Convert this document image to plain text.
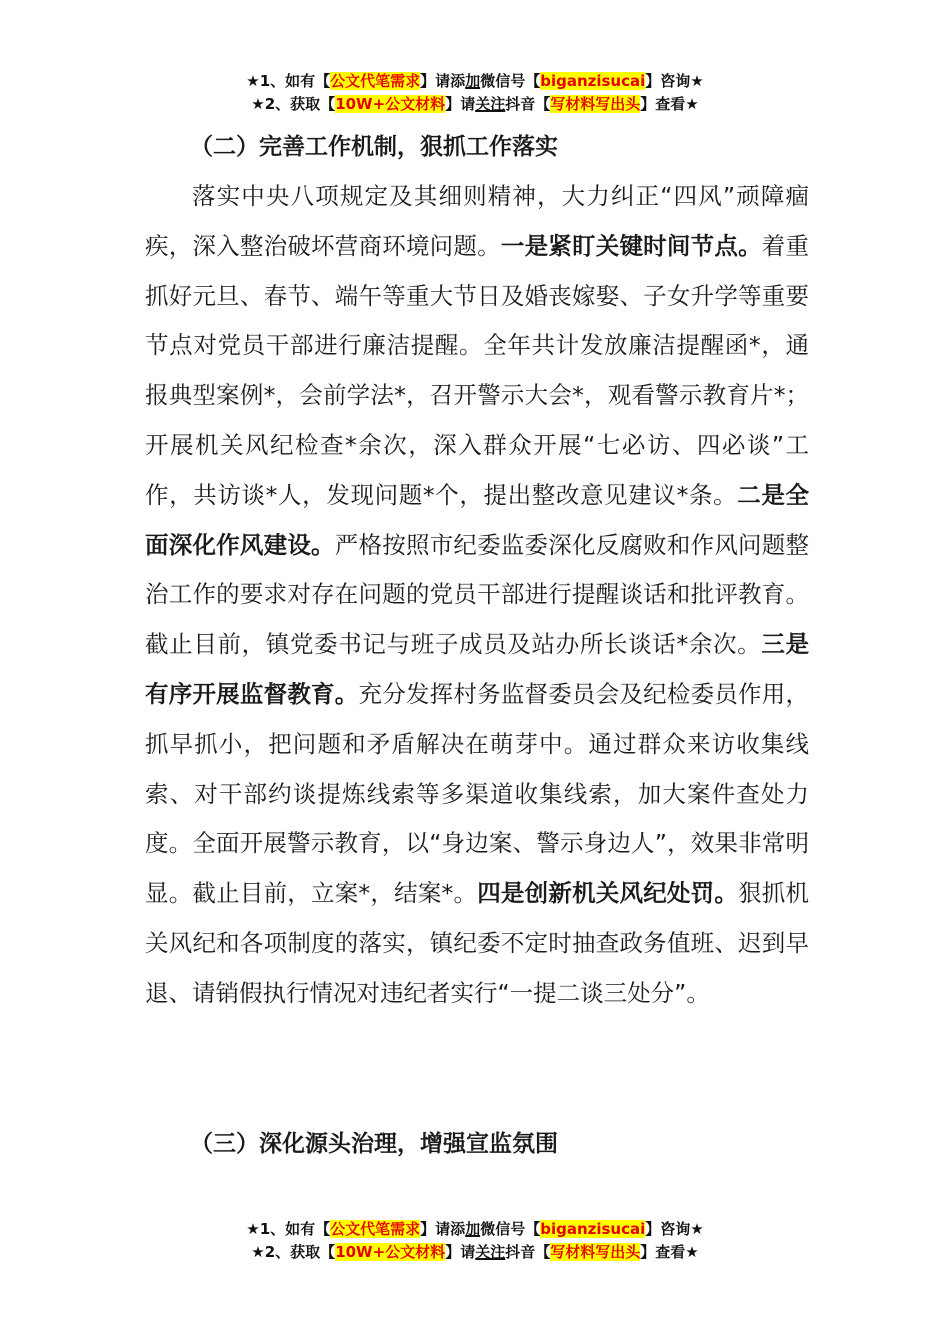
★1、如有【公文代笔需求】请添加微信号【biganzisucai】咨询★
★2、获取【10W+公文材料】请关注抖音【写材料写出头】查看★
（二）完善工作机制，狠抓工作落实

落实中央八项规定及其细则精神，大力纠正“四风”顽障痼疾，深入整治破坏营商环境问题。一是紧盯关键时间节点。着重抓好元旦、春节、端午等重大节日及婚丧嫁娶、子女升学等重要节点对党员干部进行廉洁提醒。全年共计发放廉洁提醒函*，通报典型案例*，会前学法*，召开警示大会*，观看警示教育片*；开展机关风纪检查*余次，深入群众开展“七必访、四必谈”工作，共访谈*人，发现问题*个，提出整改意见建议*条。二是全面深化作风建设。严格按照市纪委监委深化反腐败和作风问题整治工作的要求对存在问题的党员干部进行提醒谈话和批评教育。截止目前，镇党委书记与班子成员及站办所长谈话*余次。三是有序开展监督教育。充分发挥村务监督委员会及纪检委员作用，抓早抓小，把问题和矛盾解决在萌芽中。通过群众来访收集线索、对干部约谈提炼线索等多渠道收集线索，加大案件查处力度。全面开展警示教育，以“身边案、警示身边人”，效果非常明显。截止目前，立案*，结案*。四是创新机关风纪处罚。狠抓机关风纪和各项制度的落实，镇纪委不定时抽查政务值班、迟到早退、请销假执行情况对违纪者实行“一提二谈三处分”。

（三）深化源头治理，增强宣监氛围
★1、如有【公文代笔需求】请添加微信号【biganzisucai】咨询★
★2、获取【10W+公文材料】请关注抖音【写材料写出头】查看★
